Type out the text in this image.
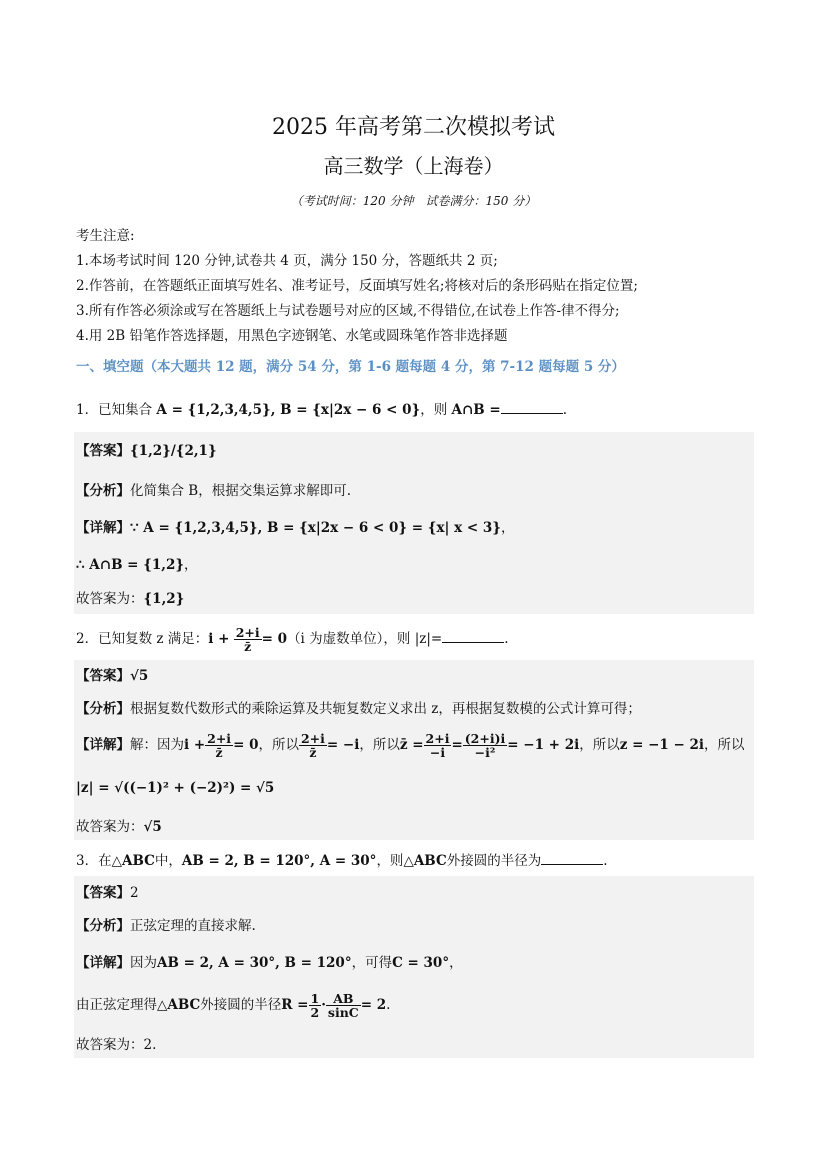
2025 年高考第二次模拟考试
高三数学（上海卷）
（考试时间：120 分钟　试卷满分：150 分）
考生注意:
1.本场考试时间 120 分钟,试卷共 4 页，满分 150 分，答题纸共 2 页;
2.作答前，在答题纸正面填写姓名、准考证号，反面填写姓名;将核对后的条形码贴在指定位置;
3.所有作答必须涂或写在答题纸上与试卷题号对应的区域,不得错位,在试卷上作答-律不得分;
4.用 2B 铅笔作答选择题，用黑色字迹钢笔、水笔或圆珠笔作答非选择题
一、填空题（本大题共 12 题，满分 54 分，第 1-6 题每题 4 分，第 7-12 题每题 5 分）
1．已知集合 A = {1,2,3,4,5}, B = {x|2x − 6 < 0}，则 A∩B =	.
【答案】{1,2}/{2,1}
【分析】化简集合 B，根据交集运算求解即可.
【详解】∵ A = {1,2,3,4,5}, B = {x|2x − 6 < 0} = {x| x < 3}，
∴ A∩B = {1,2}，
故答案为：{1,2}
2．已知复数 z 满足：$i + \frac{2+i}{z̄} = 0(i$ 为虚数单位），则 |z|=	.
【答案】√5
【分析】根据复数代数形式的乘除运算及共轭复数定义求出 z，再根据复数模的公式计算可得；
【详解】解：因为$i + \frac{2+i}{z̄} = 0$，所以 $\frac{2+i}{z̄} = -i$，所以z̄ = $\frac{2+i}{-i} = \frac{(2+i)i}{\text{−i²}} = -1 + 2i$，所以z = −1 − 2i，所以
|z| = √((−1)² + (−2)²) = √5
故答案为：√5
3．在△ABC中，AB = 2, B = 120°, A = 30°，则△ABC外接圆的半径为	.
【答案】2
【分析】正弦定理的直接求解.
【详解】因为AB = 2, A = 30°, B = 120°，可得C = 30°，
由正弦定理得△ABC外接圆的半径$R = \frac{1}{2} \cdot \frac{AB}{\sin C} = 2$.
故答案为：2.
